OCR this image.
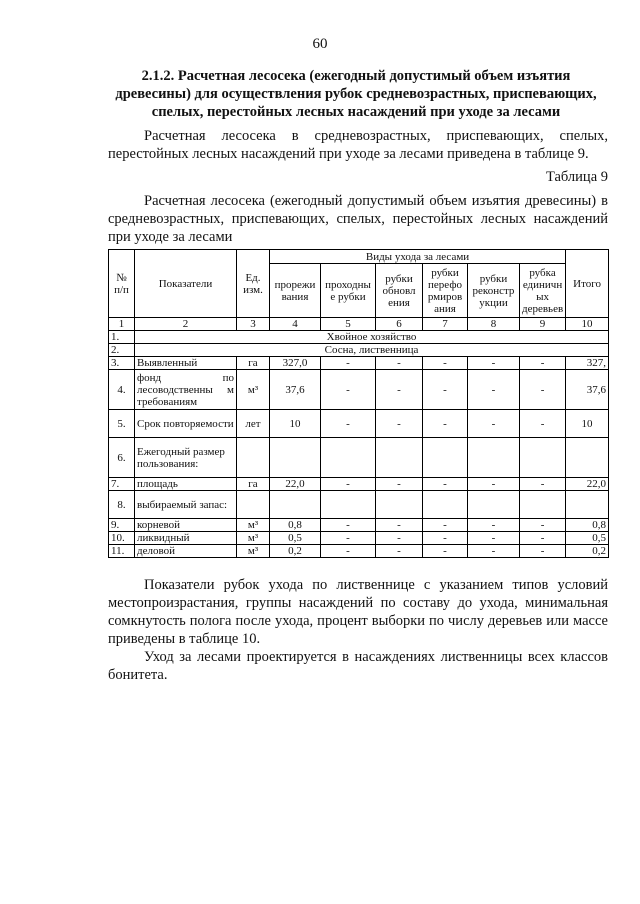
60
2.1.2. Расчетная лесосека (ежегодный допустимый объем изъятия древесины) для осуществления рубок средневозрастных, приспевающих, спелых, перестойных лесных насаждений при уходе за лесами
Расчетная лесосека в средневозрастных, приспевающих, спелых, перестойных лесных насаждений при уходе за лесами приведена в таблице 9.
Таблица 9
Расчетная лесосека (ежегодный допустимый объем изъятия древесины) в средневозрастных, приспевающих, спелых, перестойных лесных насаждений при уходе за лесами
№ п/п	Показатели	Ед. изм.	Виды ухода за лесами						Итого
			прорежи вания	проходны е рубки	рубки обновл ения	рубки перефо рмиров ания	рубки реконстр укции	рубка единичн ых деревьев	
1	2	3	4	5	6	7	8	9	10
1.	Хвойное хозяйство								
2.	Сосна, лиственница								
3.	Выявленный	га	327,0	-	-	-	-	-	327,
4.	фонд по лесоводственны м требованиям	м³	37,6	-	-	-	-	-	37,6
5.	Срок повторяемости	лет	10	-	-	-	-	-	10
6.	Ежегодный размер пользования:								
7.	площадь	га	22,0	-	-	-	-	-	22,0
8.	выбираемый запас:								
9.	корневой	м³	0,8	-	-	-	-	-	0,8
10.	ликвидный	м³	0,5	-	-	-	-	-	0,5
11.	деловой	м³	0,2	-	-	-	-	-	0,2
Показатели рубок ухода по лиственнице с указанием типов условий местопроизрастания, группы насаждений по составу до ухода, минимальная сомкнутость полога после ухода, процент выборки по числу деревьев или массе приведены в таблице 10.
Уход за лесами проектируется в насаждениях лиственницы всех классов бонитета.
